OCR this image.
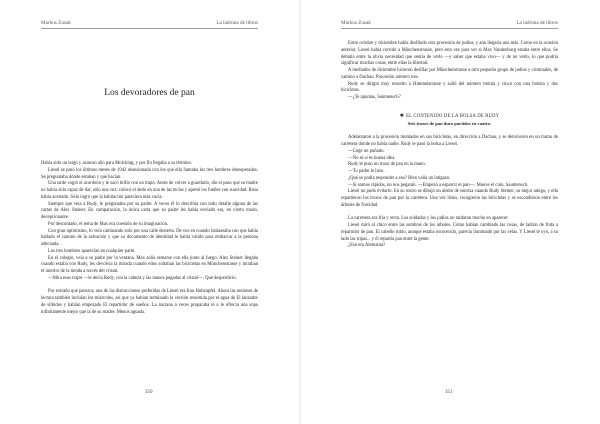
Markus Zusak	La ladrona de libros
Los devoradores de pan

Había sido un largo y azaroso año para Molching, y por fin llegaba a su término.

Liesel se pasó los últimos meses de 1942 obsesionada con los que ella llamaba los tres hombres desesperados. Se preguntaba dónde estaban y qué hacían.

Una tarde cogió el acordeón y le sacó brillo con un trapo. Antes de volver a guardarlo, dio el paso que su madre no había sido capaz de dar, sólo una vez: colocó el dedo en una de las teclas y apretó los fuelles con suavidad. Rosa había acertado. Sólo logró que la habitación pareciera más vacía.

Siempre que veía a Rudy, le preguntaba por su padre. A veces él lo describía con todo detalle alguna de las cartas de Alex Steiner. En comparación, la única carta que su padre les había enviado era, en cierto modo, decepcionante.

Por descontado, el tema de Max era cuestión de su imaginación.

Con gran optimismo, lo veía caminando solo por una calle desierta. De vez en cuando fantaseaba con que había hallado el camino de la salvación y que su documento de identidad le había valido para embarcar a la persona adecuada.

Los tres hombres aparecían en cualquier parte.

En el colegio, veía a su padre por la ventana. Max solía sentarse con ella junto al fuego. Alex Steiner llegaba cuando estaba con Rudy, les devolvía la mirada cuando ellos soltaban las bicicletas en Münchenstrasse y miraban el interior de la tienda a través del cristal.

—Mira esos trajes —le decía Rudy, con la cabeza y las manos pegadas al cristal—. Qué desperdicio.

Por extraño que parezca, una de las distracciones preferidas de Liesel era frau Holtzapfel. Ahora las sesiones de lectura también incluían los miércoles, así que ya habían terminado la versión resumida por el agua de El lanzador de silbidos y habían empezado El repartidor de sueños. La anciana a veces preparaba té o le ofrecía una sopa infinitamente mejor que la de su madre. Menos aguada.

350
Markus Zusak	La ladrona de libros

Entre octubre y diciembre había desfilado otra procesión de judíos, y aún llegaría una más. Como en la ocasión anterior, Liesel había corrido a Münchenstrasse, pero esta vez para ver si Max Vandenburg estaba entre ellos. Se debatía entre la obvia necesidad que sentía de verlo —y saber que estaba vivo— y de no verlo, lo que podría significar muchas cosas, entre ellas la libertad.

A mediados de diciembre hicieron desfilar por Münchenstrasse a otro pequeño grupo de judíos y criminales, de camino a Dachau. Procesión número tres.

Rudy se dirigió muy resuelto a Himmelstrasse y salió del número treinta y cinco con una bolsita y dos bicicletas.

—¿Te apuntas, Saumensch?

✱ EL CONTENIDO DE LA BOLSA DE RUDY
Seis trozos de pan duro partidos en cuatro.

Adelantaron a la procesión montados en sus bicicletas, en dirección a Dachau, y se detuvieron en un tramo de carretera donde no había nadie. Rudy le pasó la bolsa a Liesel.

—Coge un puñado.

—No sé si es buena idea.

Rudy le puso un trozo de pan en la mano.

—Tu padre lo hizo.

¿Qué se podía responder a eso? Bien valía un latigazo.

—Si somos rápidos, no nos pegarán. —Empezó a esparcir el pan—. Mueve el culo, Saumensch.

Liesel no pudo evitarlo. En su rostro se dibujó un atisbo de sonrisa cuando Rudy Steiner, su mejor amigo, y ella repartieron los trozos de pan por la carretera. Una vez listos, recogieron las bicicletas y se escondieron entre los árboles de Navidad.

La carretera era fría y recta. Los soldados y los judíos no tardaron mucho en aparecer.

Liesel miró al chico entre las sombras de los árboles. Cómo habían cambiado las cosas, de ladrón de fruta a repartidor de pan. El cabello rubio, aunque estaba oscurecido, parecía iluminado por las velas. Y Liesel le oyó, a su lado las tripas... y él repartía pan entre la gente.

¿Eso era Alemania?

351
